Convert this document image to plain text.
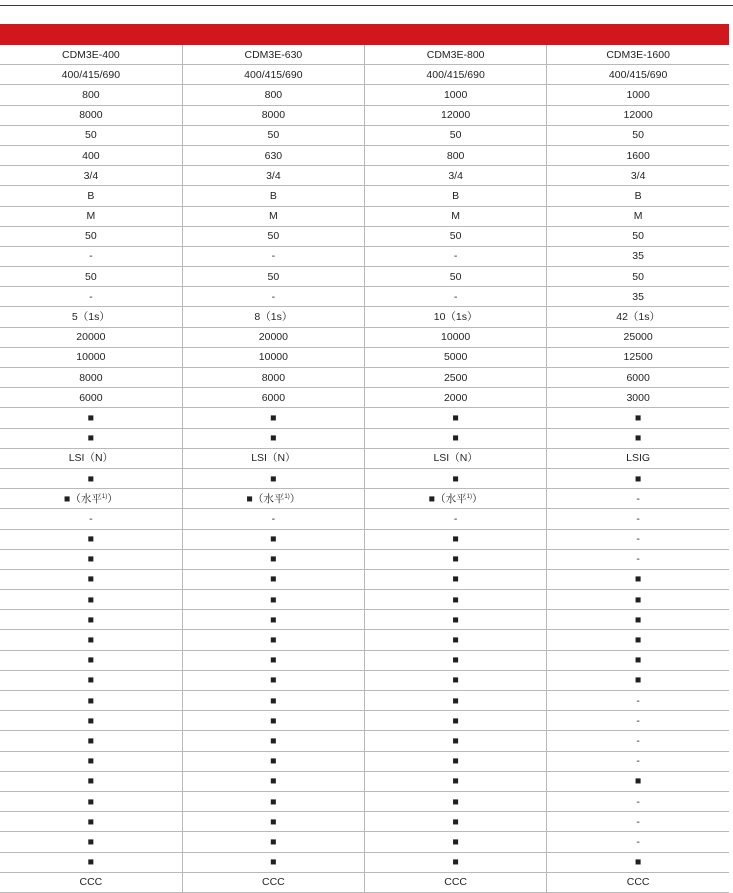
CDM3E-400	CDM3E-630	CDM3E-800	CDM3E-1600
400/415/690	400/415/690	400/415/690	400/415/690
800	800	1000	1000
8000	8000	12000	12000
50	50	50	50
400	630	800	1600
3/4	3/4	3/4	3/4
B	B	B	B
M	M	M	M
50	50	50	50
-	-	-	35
50	50	50	50
-	-	-	35
5（1s）	8（1s）	10（1s）	42（1s）
20000	20000	10000	25000
10000	10000	5000	12500
8000	8000	2500	6000
6000	6000	2000	3000
■	■	■	■
■	■	■	■
LSI（N）	LSI（N）	LSI（N）	LSIG
■	■	■	■
■（水平$^{1)}$）	■（水平$^{1)}$）	■（水平$^{1)}$）	-
-	-	-	-
■	■	■	-
■	■	■	-
■	■	■	■
■	■	■	■
■	■	■	■
■	■	■	■
■	■	■	■
■	■	■	■
■	■	■	-
■	■	■	-
■	■	■	-
■	■	■	-
■	■	■	■
■	■	■	-
■	■	■	-
■	■	■	-
■	■	■	■
CCC	CCC	CCC	CCC
